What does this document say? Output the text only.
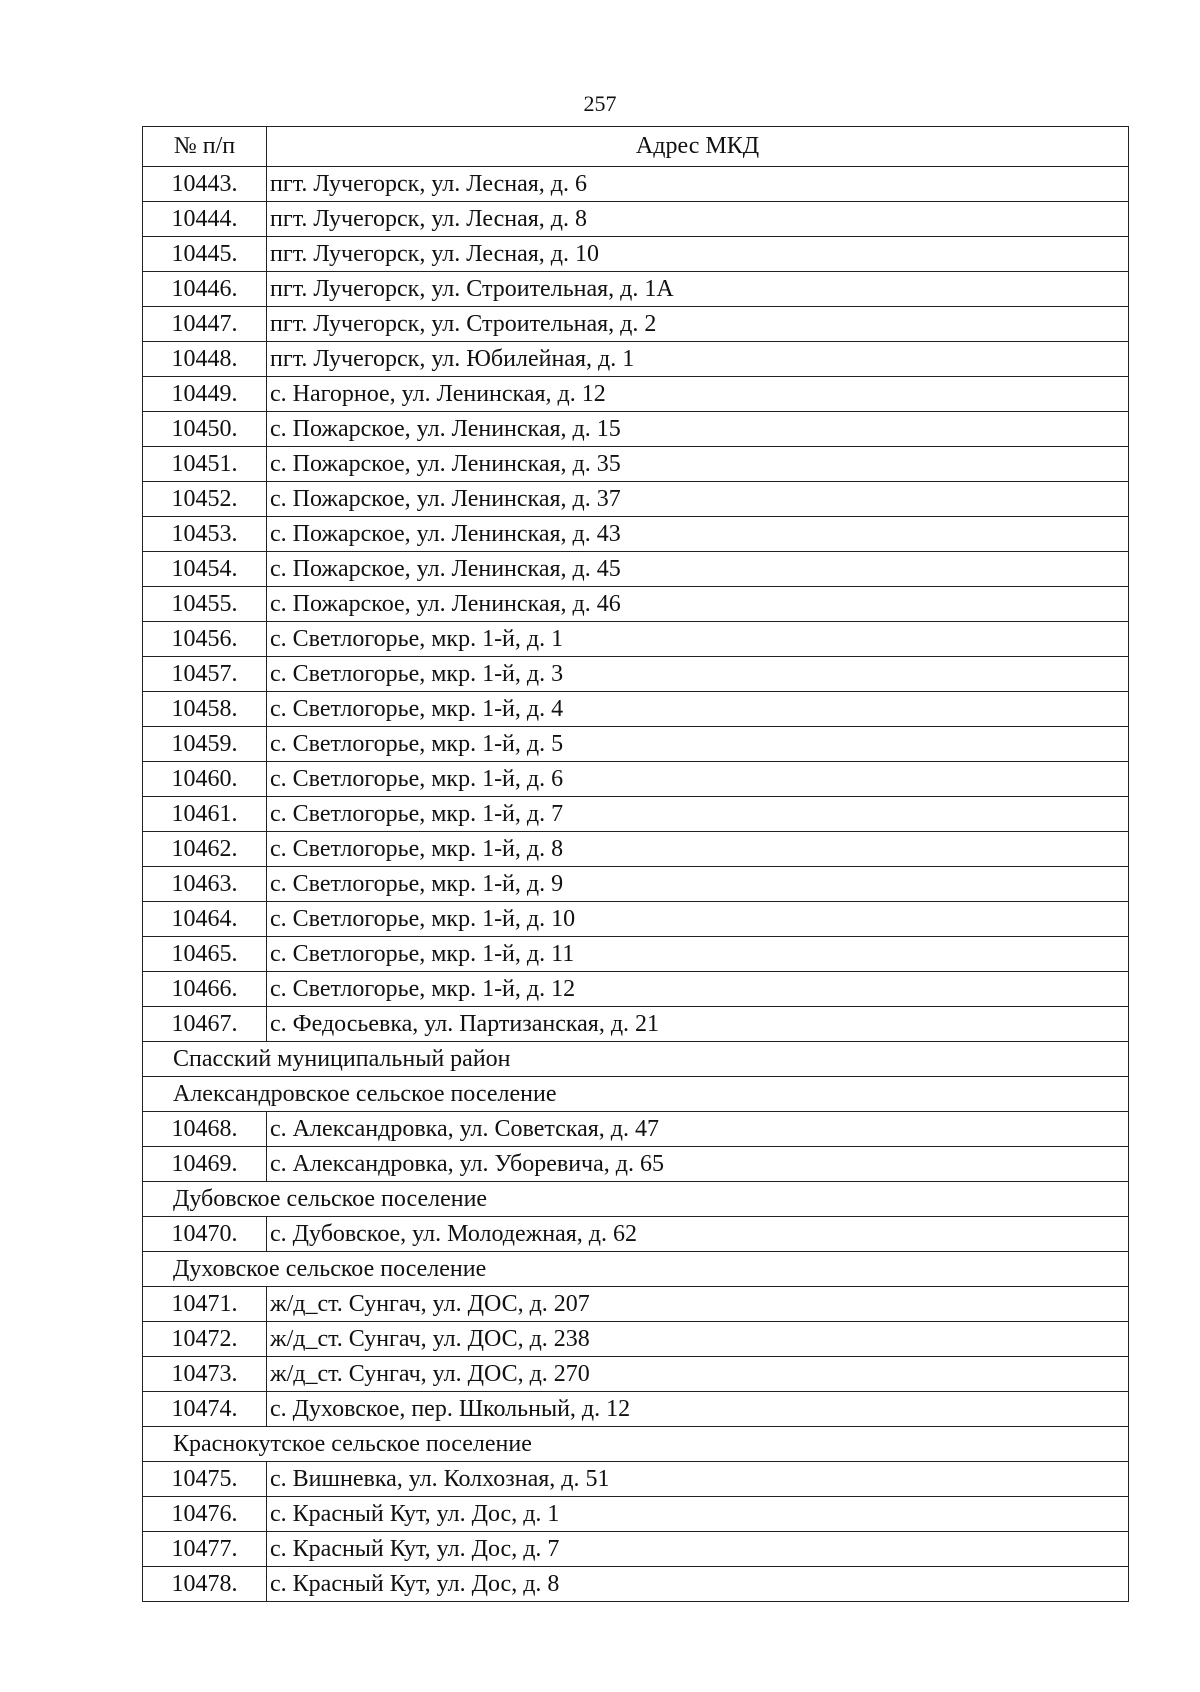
257
№ п/п	Адрес МКД
10443.	пгт. Лучегорск, ул. Лесная, д. 6
10444.	пгт. Лучегорск, ул. Лесная, д. 8
10445.	пгт. Лучегорск, ул. Лесная, д. 10
10446.	пгт. Лучегорск, ул. Строительная, д. 1А
10447.	пгт. Лучегорск, ул. Строительная, д. 2
10448.	пгт. Лучегорск, ул. Юбилейная, д. 1
10449.	с. Нагорное, ул. Ленинская, д. 12
10450.	с. Пожарское, ул. Ленинская, д. 15
10451.	с. Пожарское, ул. Ленинская, д. 35
10452.	с. Пожарское, ул. Ленинская, д. 37
10453.	с. Пожарское, ул. Ленинская, д. 43
10454.	с. Пожарское, ул. Ленинская, д. 45
10455.	с. Пожарское, ул. Ленинская, д. 46
10456.	с. Светлогорье, мкр. 1-й, д. 1
10457.	с. Светлогорье, мкр. 1-й, д. 3
10458.	с. Светлогорье, мкр. 1-й, д. 4
10459.	с. Светлогорье, мкр. 1-й, д. 5
10460.	с. Светлогорье, мкр. 1-й, д. 6
10461.	с. Светлогорье, мкр. 1-й, д. 7
10462.	с. Светлогорье, мкр. 1-й, д. 8
10463.	с. Светлогорье, мкр. 1-й, д. 9
10464.	с. Светлогорье, мкр. 1-й, д. 10
10465.	с. Светлогорье, мкр. 1-й, д. 11
10466.	с. Светлогорье, мкр. 1-й, д. 12
10467.	с. Федосьевка, ул. Партизанская, д. 21
Спасский муниципальный район	
Александровское сельское поселение	
10468.	с. Александровка, ул. Советская, д. 47
10469.	с. Александровка, ул. Уборевича, д. 65
Дубовское сельское поселение	
10470.	с. Дубовское, ул. Молодежная, д. 62
Духовское сельское поселение	
10471.	ж/д_ст. Сунгач, ул. ДОС, д. 207
10472.	ж/д_ст. Сунгач, ул. ДОС, д. 238
10473.	ж/д_ст. Сунгач, ул. ДОС, д. 270
10474.	с. Духовское, пер. Школьный, д. 12
Краснокутское сельское поселение	
10475.	с. Вишневка, ул. Колхозная, д. 51
10476.	с. Красный Кут, ул. Дос, д. 1
10477.	с. Красный Кут, ул. Дос, д. 7
10478.	с. Красный Кут, ул. Дос, д. 8
